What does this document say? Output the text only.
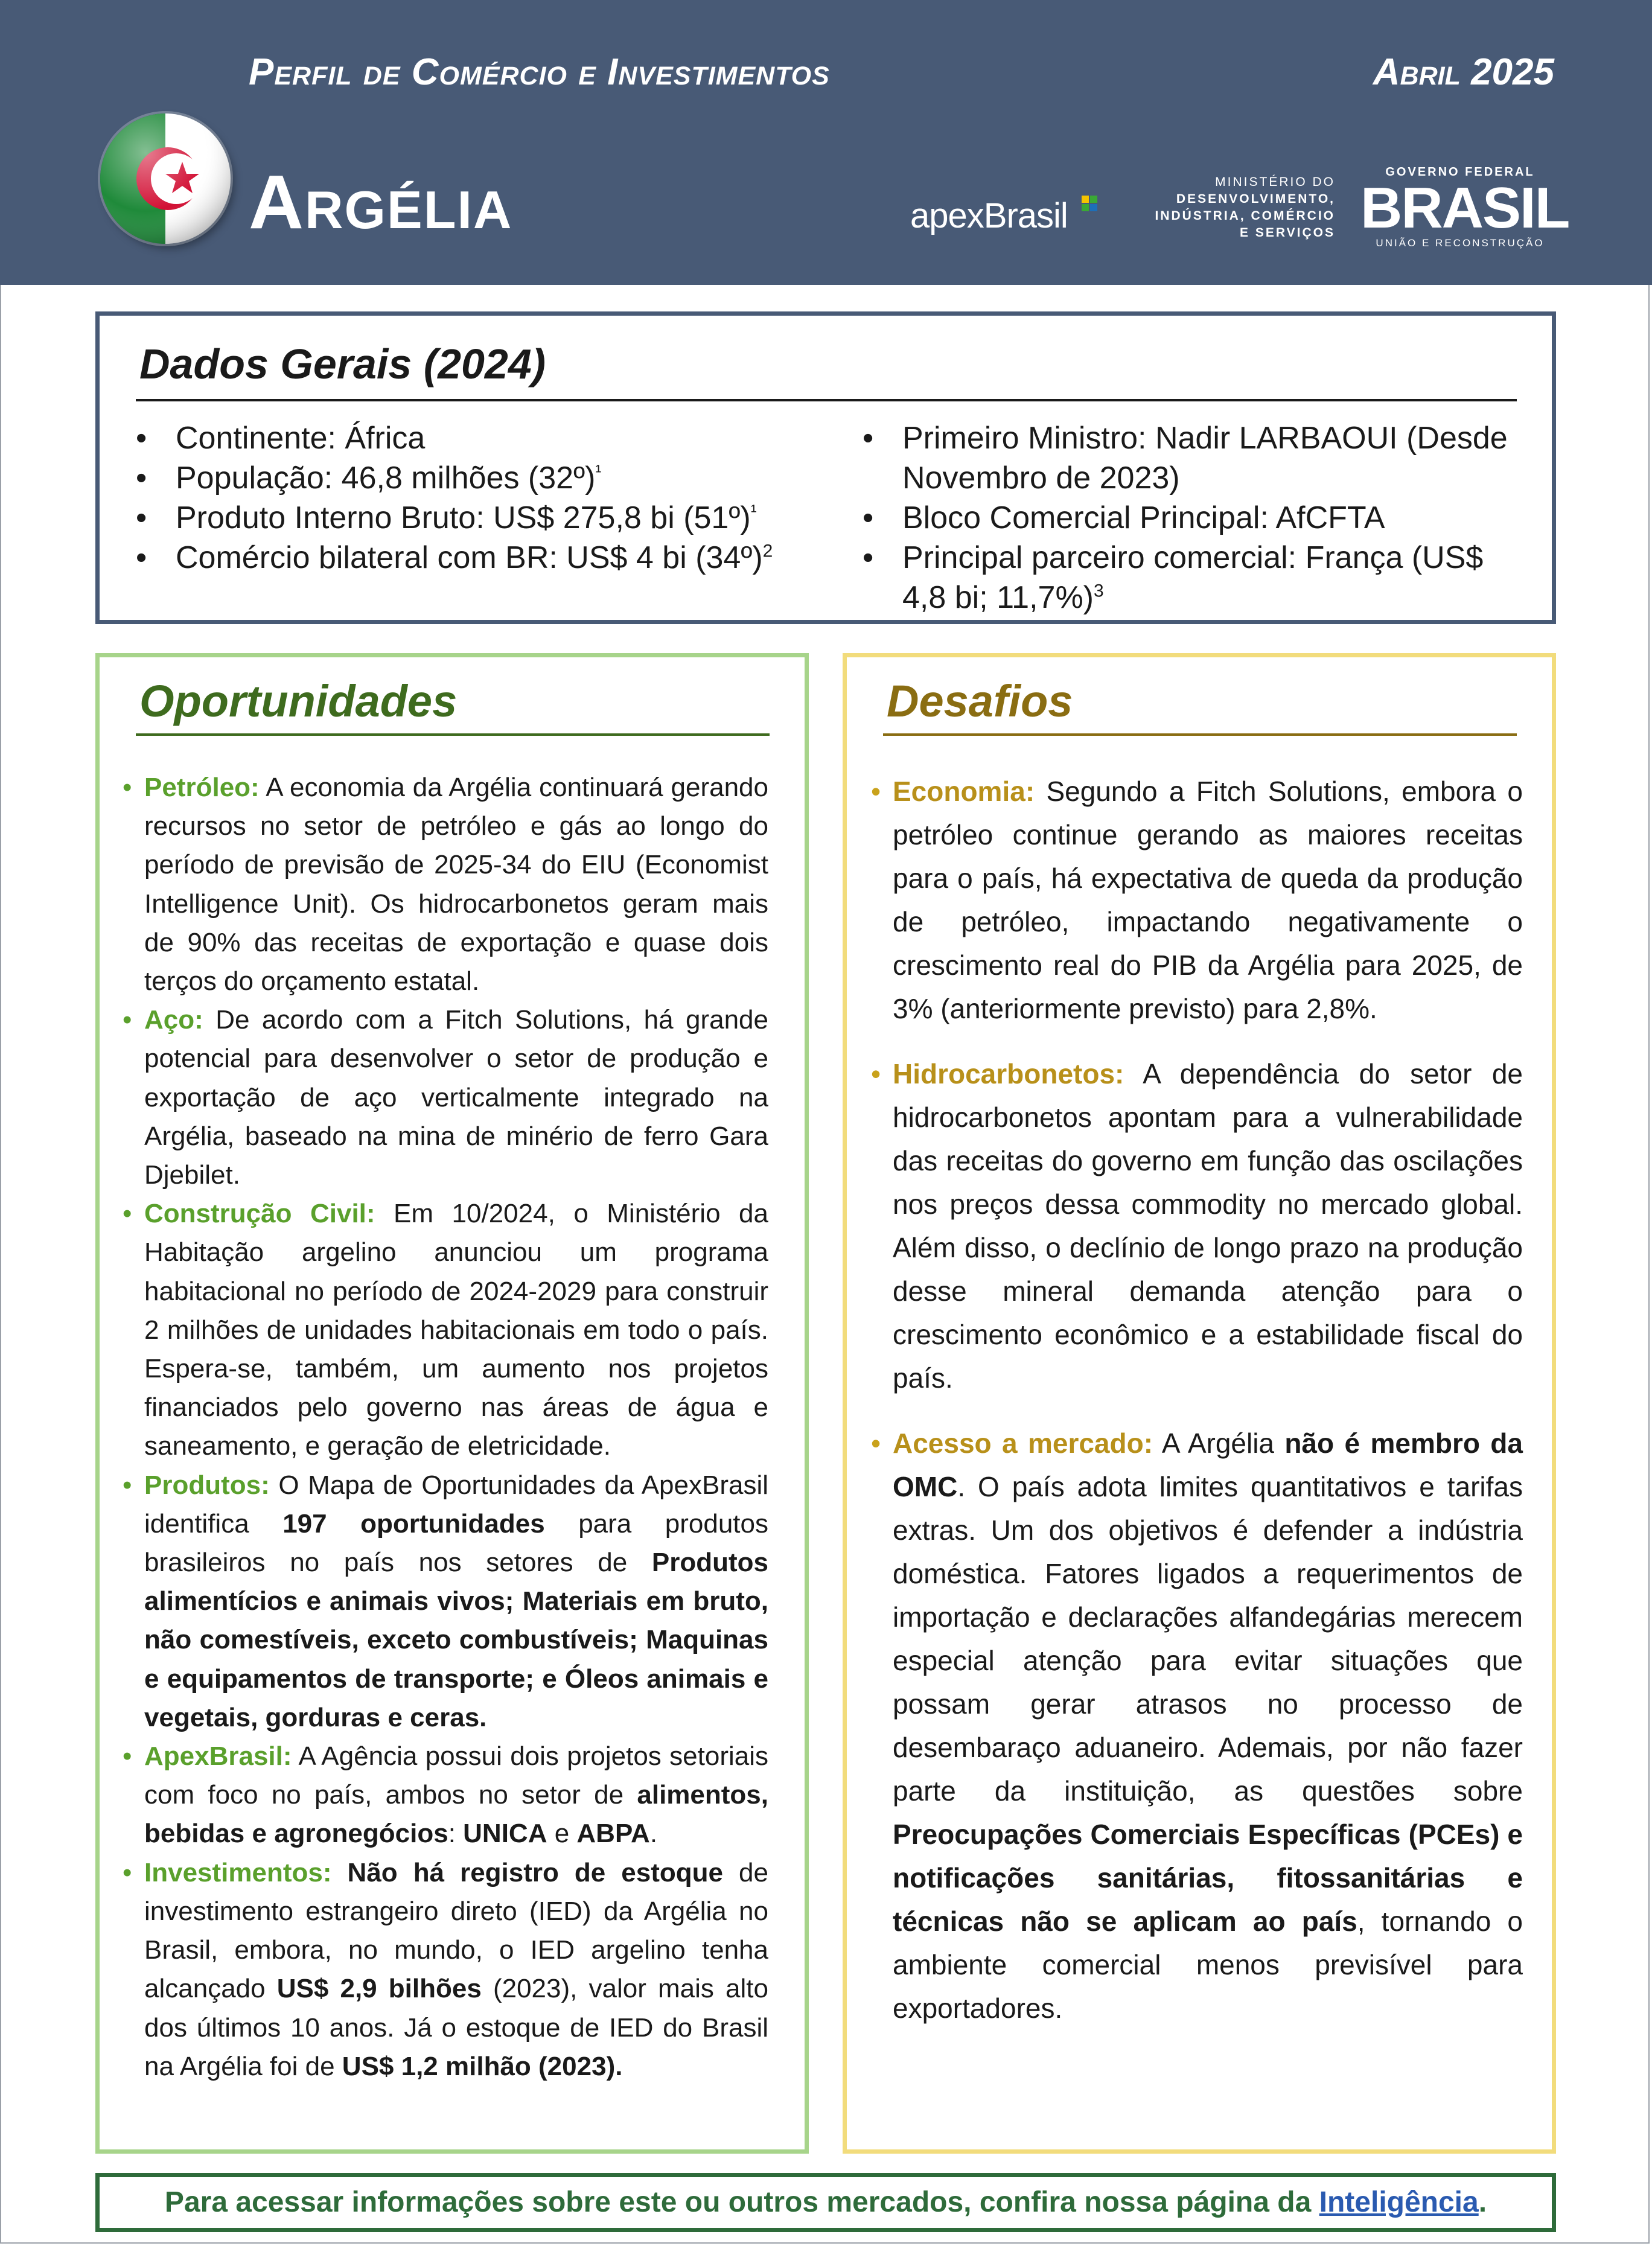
Perfil de Comércio e Investimentos	Abril 2025
Argélia	apexBrasil
MINISTÉRIO DO
DESENVOLVIMENTO,
INDÚSTRIA, COMÉRCIO
E SERVIÇOS
GOVERNO FEDERAL
BRASIL
UNIÃO E RECONSTRUÇÃO
Dados Gerais (2024)
• Continente: África
• População: 46,8 milhões (32º)$^{^1}$
• Produto Interno Bruto: US$ 275,8 bi (51º)$^{^1}$
• Comércio bilateral com BR: US$ 4 bi (34º)$^2$
• Primeiro Ministro: Nadir LARBAOUI (Desde Novembro de 2023)
• Bloco Comercial Principal: AfCFTA
• Principal parceiro comercial: França (US$ 4,8 bi; 11,7%)$^3$
Oportunidades
• Petróleo: A economia da Argélia continuará gerando recursos no setor de petróleo e gás ao longo do período de previsão de 2025-34 do EIU (Economist Intelligence Unit). Os hidrocarbonetos geram mais de 90% das receitas de exportação e quase dois terços do orçamento estatal.
• Aço: De acordo com a Fitch Solutions, há grande potencial para desenvolver o setor de produção e exportação de aço verticalmente integrado na Argélia, baseado na mina de minério de ferro Gara Djebilet.
• Construção Civil: Em 10/2024, o Ministério da Habitação argelino anunciou um programa habitacional no período de 2024-2029 para construir 2 milhões de unidades habitacionais em todo o país. Espera-se, também, um aumento nos projetos financiados pelo governo nas áreas de água e saneamento, e geração de eletricidade.
• Produtos: O Mapa de Oportunidades da ApexBrasil identifica 197 oportunidades para produtos brasileiros no país nos setores de Produtos alimentícios e animais vivos; Materiais em bruto, não comestíveis, exceto combustíveis; Maquinas e equipamentos de transporte; e Óleos animais e vegetais, gorduras e ceras.
• ApexBrasil: A Agência possui dois projetos setoriais com foco no país, ambos no setor de alimentos, bebidas e agronegócios: UNICA e ABPA.
• Investimentos: Não há registro de estoque de investimento estrangeiro direto (IED) da Argélia no Brasil, embora, no mundo, o IED argelino tenha alcançado US$ 2,9 bilhões (2023), valor mais alto dos últimos 10 anos. Já o estoque de IED do Brasil na Argélia foi de US$ 1,2 milhão (2023).
Desafios
• Economia: Segundo a Fitch Solutions, embora o petróleo continue gerando as maiores receitas para o país, há expectativa de queda da produção de petróleo, impactando negativamente o crescimento real do PIB da Argélia para 2025, de 3% (anteriormente previsto) para 2,8%.
• Hidrocarbonetos: A dependência do setor de hidrocarbonetos apontam para a vulnerabilidade das receitas do governo em função das oscilações nos preços dessa commodity no mercado global. Além disso, o declínio de longo prazo na produção desse mineral demanda atenção para o crescimento econômico e a estabilidade fiscal do país.
• Acesso a mercado: A Argélia não é membro da OMC. O país adota limites quantitativos e tarifas extras. Um dos objetivos é defender a indústria doméstica. Fatores ligados a requerimentos de importação e declarações alfandegárias merecem especial atenção para evitar situações que possam gerar atrasos no processo de desembaraço aduaneiro. Ademais, por não fazer parte da instituição, as questões sobre Preocupações Comerciais Específicas (PCEs) e notificações sanitárias, fitossanitárias e técnicas não se aplicam ao país, tornando o ambiente comercial menos previsível para exportadores.
Para acessar informações sobre este ou outros mercados, confira nossa página da Inteligência.
